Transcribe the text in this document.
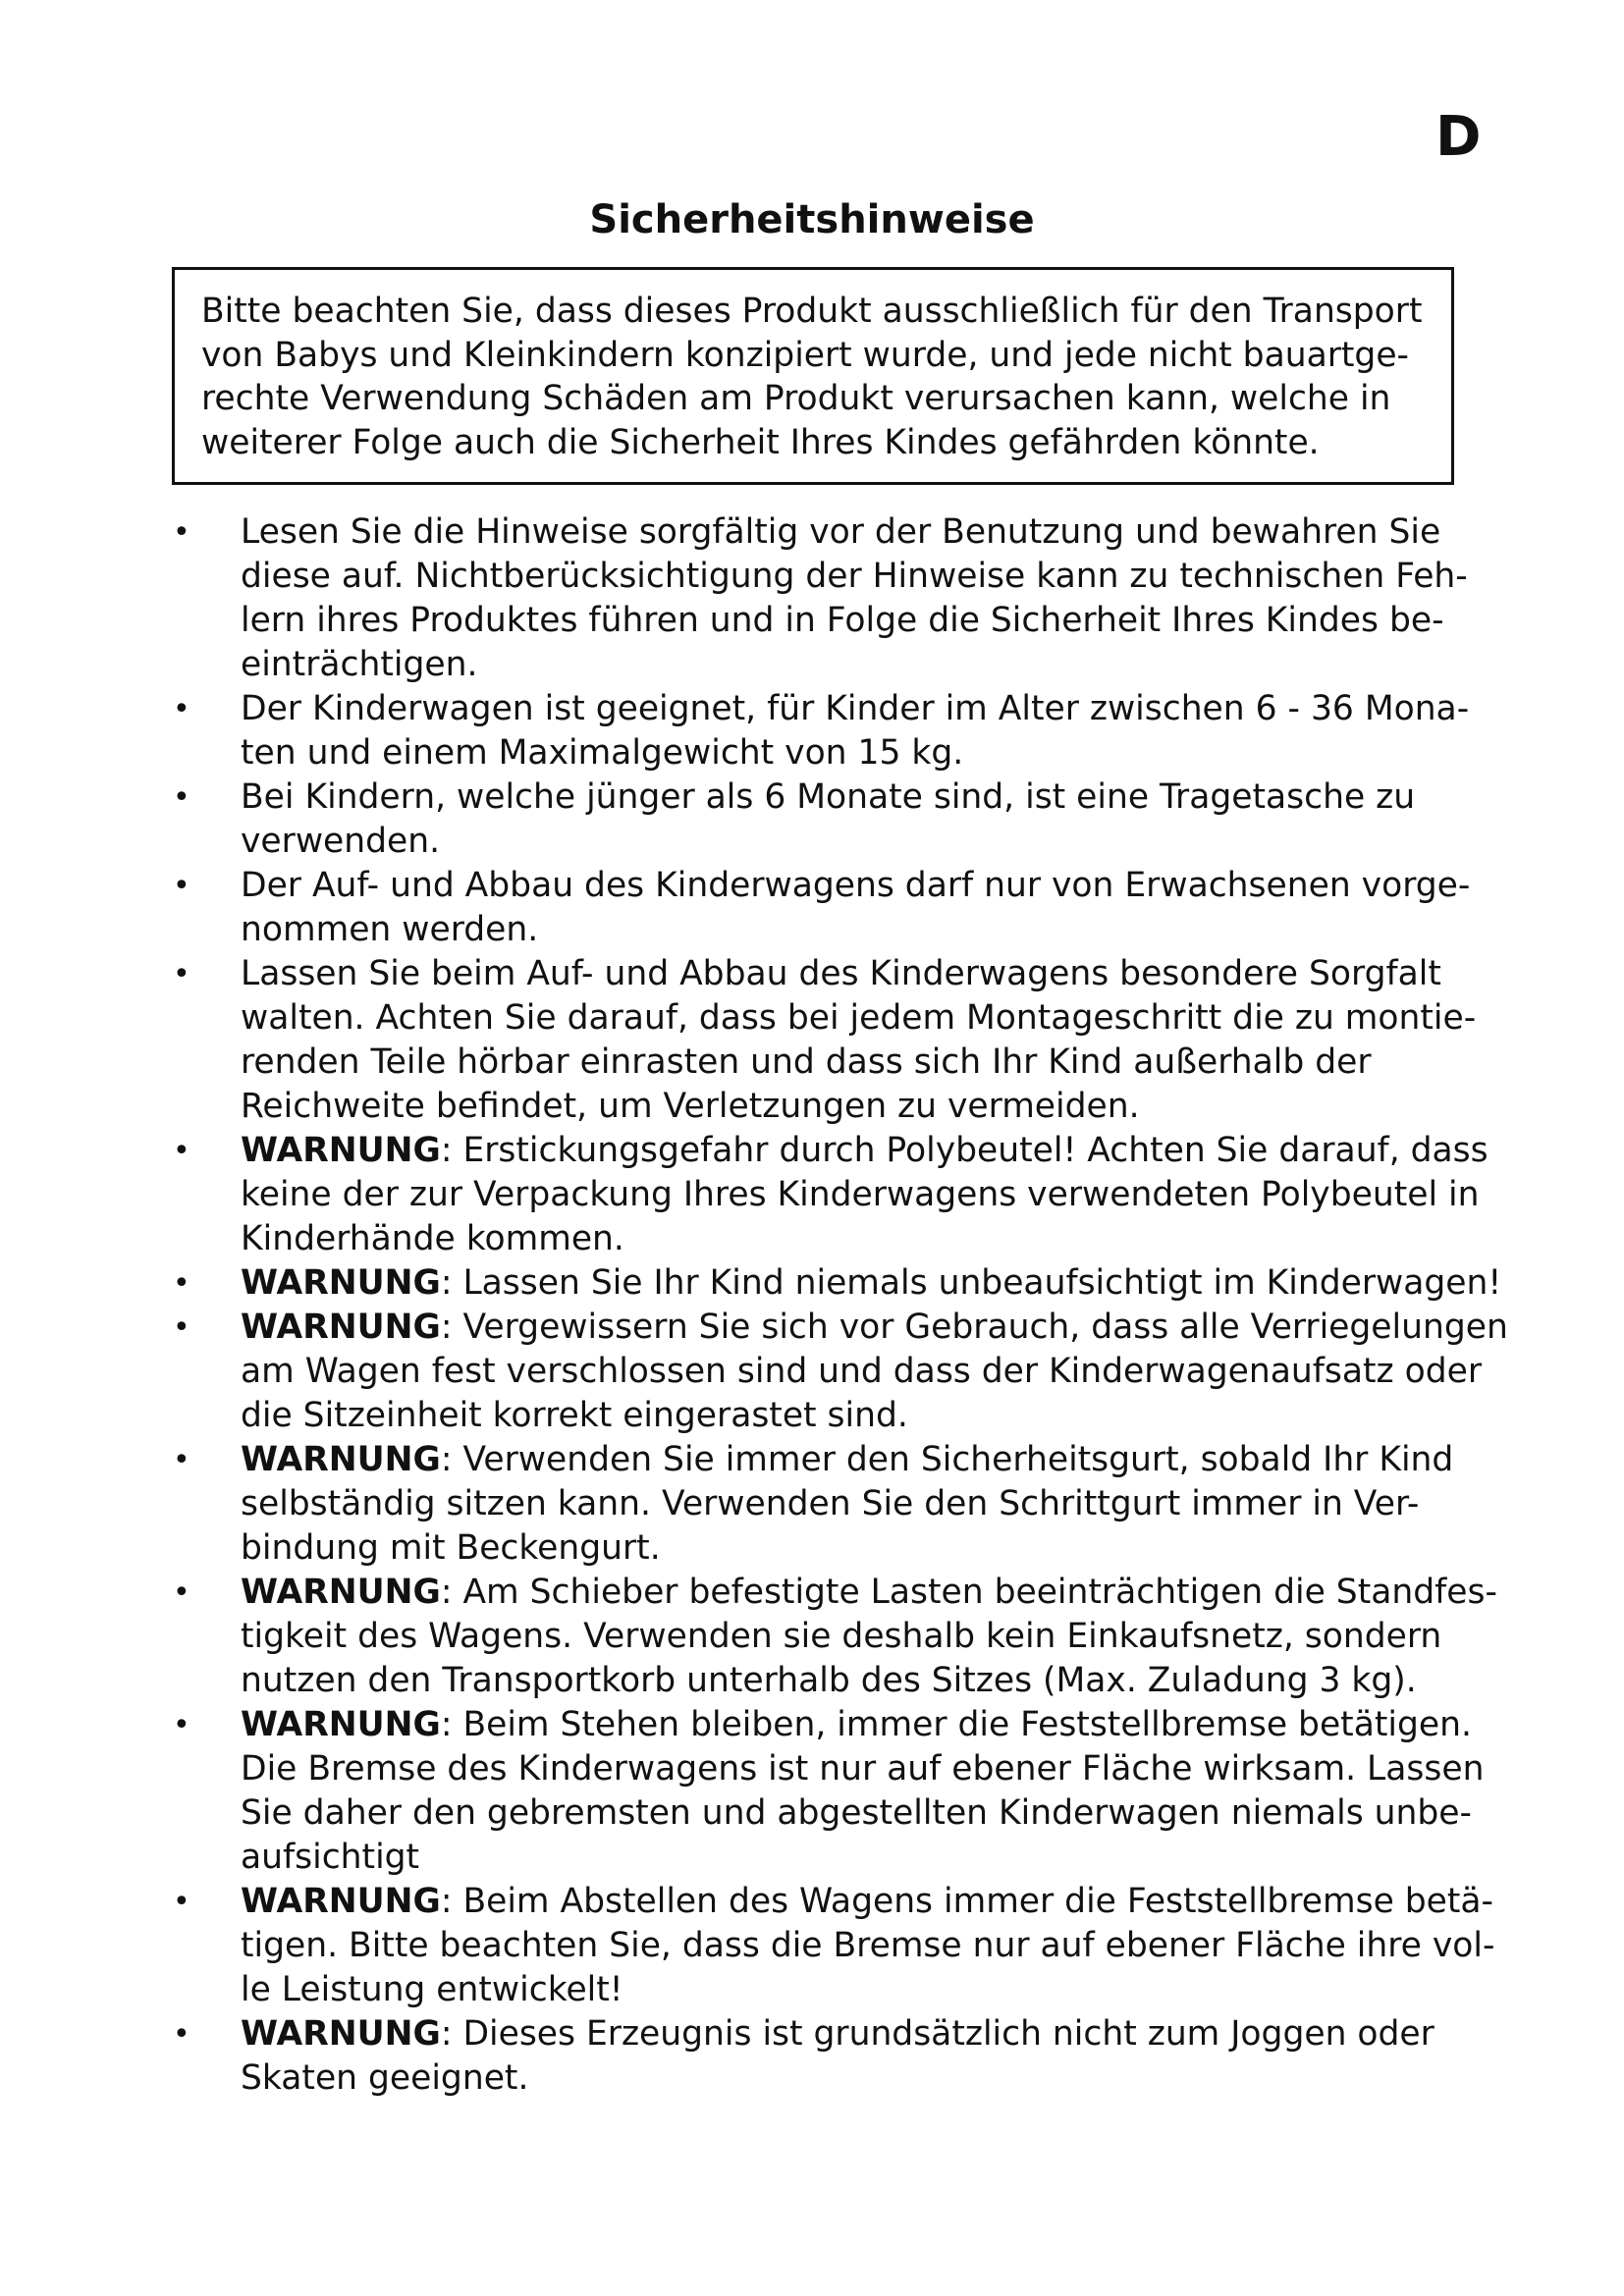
D
Sicherheitshinweise
Bitte beachten Sie, dass dieses Produkt ausschließlich für den Transport
von Babys und Kleinkindern konzipiert wurde, und jede nicht bauartge-
rechte Verwendung Schäden am Produkt verursachen kann, welche in
weiterer Folge auch die Sicherheit Ihres Kindes gefährden könnte.
• Lesen Sie die Hinweise sorgfältig vor der Benutzung und bewahren Sie
diese auf. Nichtberücksichtigung der Hinweise kann zu technischen Feh-
lern ihres Produktes führen und in Folge die Sicherheit Ihres Kindes be-
einträchtigen.
• Der Kinderwagen ist geeignet, für Kinder im Alter zwischen 6 - 36 Mona-
ten und einem Maximalgewicht von 15 kg.
• Bei Kindern, welche jünger als 6 Monate sind, ist eine Tragetasche zu
verwenden.
• Der Auf- und Abbau des Kinderwagens darf nur von Erwachsenen vorge-
nommen werden.
• Lassen Sie beim Auf- und Abbau des Kinderwagens besondere Sorgfalt
walten. Achten Sie darauf, dass bei jedem Montageschritt die zu montie-
renden Teile hörbar einrasten und dass sich Ihr Kind außerhalb der
Reichweite befindet, um Verletzungen zu vermeiden.
• WARNUNG: Erstickungsgefahr durch Polybeutel! Achten Sie darauf, dass
keine der zur Verpackung Ihres Kinderwagens verwendeten Polybeutel in
Kinderhände kommen.
• WARNUNG: Lassen Sie Ihr Kind niemals unbeaufsichtigt im Kinderwagen!
• WARNUNG: Vergewissern Sie sich vor Gebrauch, dass alle Verriegelungen
am Wagen fest verschlossen sind und dass der Kinderwagenaufsatz oder
die Sitzeinheit korrekt eingerastet sind.
• WARNUNG: Verwenden Sie immer den Sicherheitsgurt, sobald Ihr Kind
selbständig sitzen kann. Verwenden Sie den Schrittgurt immer in Ver-
bindung mit Beckengurt.
• WARNUNG: Am Schieber befestigte Lasten beeinträchtigen die Standfes-
tigkeit des Wagens. Verwenden sie deshalb kein Einkaufsnetz, sondern
nutzen den Transportkorb unterhalb des Sitzes (Max. Zuladung 3 kg).
• WARNUNG: Beim Stehen bleiben, immer die Feststellbremse betätigen.
Die Bremse des Kinderwagens ist nur auf ebener Fläche wirksam. Lassen
Sie daher den gebremsten und abgestellten Kinderwagen niemals unbe-
aufsichtigt
• WARNUNG: Beim Abstellen des Wagens immer die Feststellbremse betä-
tigen. Bitte beachten Sie, dass die Bremse nur auf ebener Fläche ihre vol-
le Leistung entwickelt!
• WARNUNG: Dieses Erzeugnis ist grundsätzlich nicht zum Joggen oder
Skaten geeignet.
